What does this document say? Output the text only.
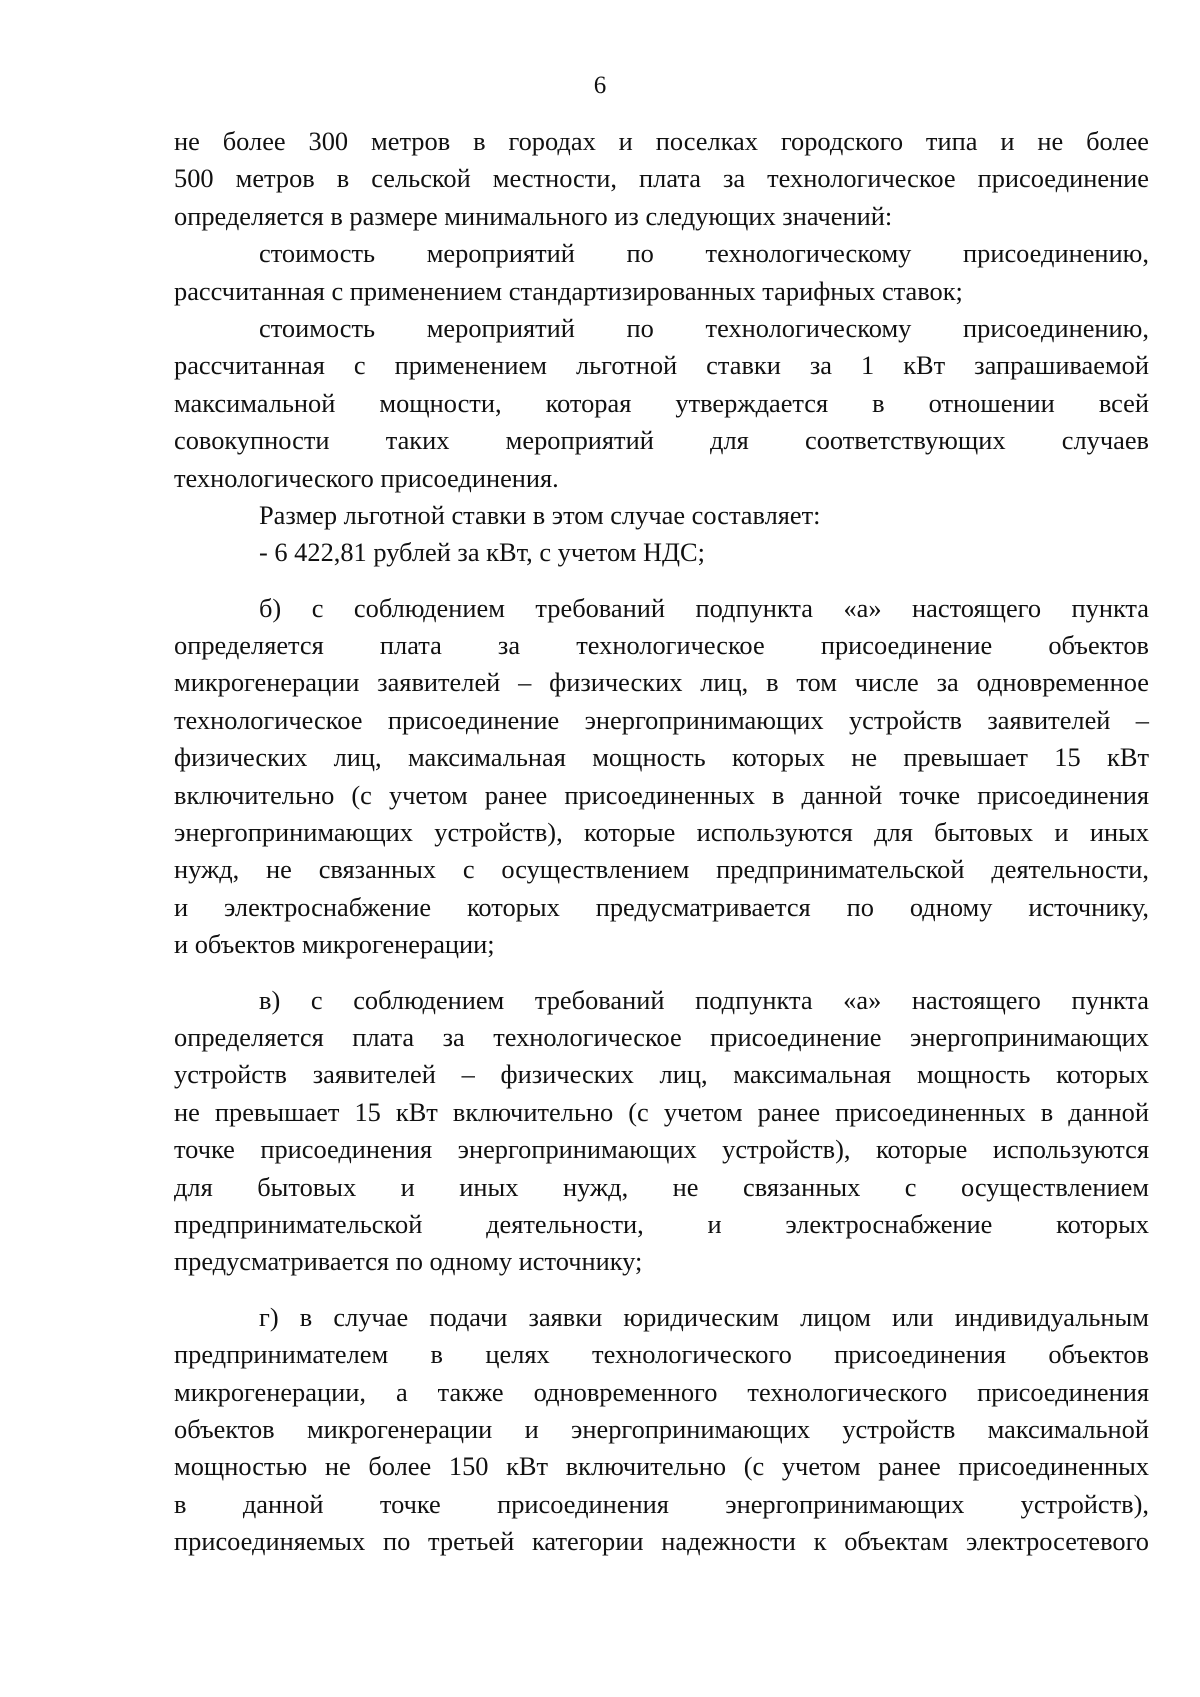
6
не более 300 метров в городах и поселках городского типа и не более
500 метров в сельской местности, плата за технологическое присоединение
определяется в размере минимального из следующих значений:
стоимость мероприятий по технологическому присоединению,
рассчитанная с применением стандартизированных тарифных ставок;
стоимость мероприятий по технологическому присоединению,
рассчитанная с применением льготной ставки за 1 кВт запрашиваемой
максимальной мощности, которая утверждается в отношении всей
совокупности таких мероприятий для соответствующих случаев
технологического присоединения.
Размер льготной ставки в этом случае составляет:
- 6 422,81 рублей за кВт, с учетом НДС;
б) с соблюдением требований подпункта «а» настоящего пункта
определяется плата за технологическое присоединение объектов
микрогенерации заявителей – физических лиц, в том числе за одновременное
технологическое присоединение энергопринимающих устройств заявителей –
физических лиц, максимальная мощность которых не превышает 15 кВт
включительно (с учетом ранее присоединенных в данной точке присоединения
энергопринимающих устройств), которые используются для бытовых и иных
нужд, не связанных с осуществлением предпринимательской деятельности,
и электроснабжение которых предусматривается по одному источнику,
и объектов микрогенерации;
в) с соблюдением требований подпункта «а» настоящего пункта
определяется плата за технологическое присоединение энергопринимающих
устройств заявителей – физических лиц, максимальная мощность которых
не превышает 15 кВт включительно (с учетом ранее присоединенных в данной
точке присоединения энергопринимающих устройств), которые используются
для бытовых и иных нужд, не связанных с осуществлением
предпринимательской деятельности, и электроснабжение которых
предусматривается по одному источнику;
г) в случае подачи заявки юридическим лицом или индивидуальным
предпринимателем в целях технологического присоединения объектов
микрогенерации, а также одновременного технологического присоединения
объектов микрогенерации и энергопринимающих устройств максимальной
мощностью не более 150 кВт включительно (с учетом ранее присоединенных
в данной точке присоединения энергопринимающих устройств),
присоединяемых по третьей категории надежности к объектам электросетевого
